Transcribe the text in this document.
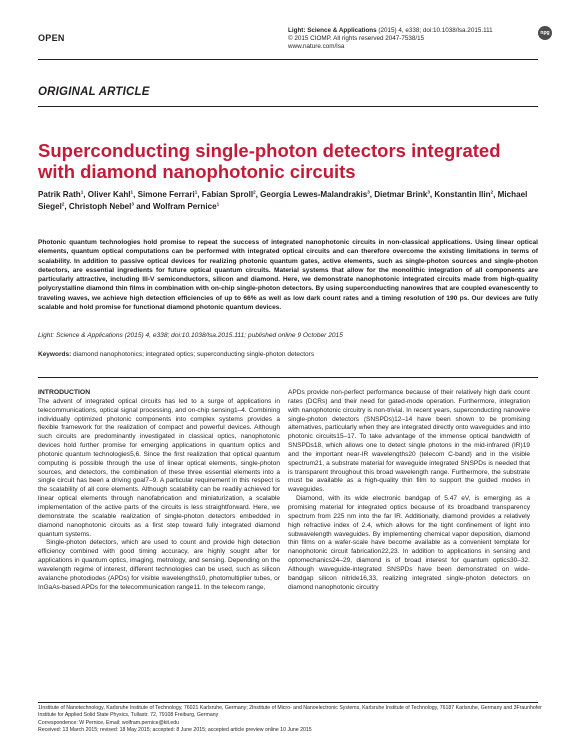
OPEN
Light: Science & Applications (2015) 4, e338; doi:10.1038/lsa.2015.111
© 2015 CIOMP. All rights reserved 2047-7538/15
www.nature.com/lsa
npg
ORIGINAL ARTICLE
Superconducting single-photon detectors integrated with diamond nanophotonic circuits
Patrik Rath$^1$, Oliver Kahl$^1$, Simone Ferrari$^1$, Fabian Sproll$^2$, Georgia Lewes-Malandrakis$^3$, Dietmar Brink$^3$, Konstantin Ilin$^2$, Michael Siegel$^2$, Christoph Nebel$^3$ and Wolfram Pernice$^1$
Photonic quantum technologies hold promise to repeat the success of integrated nanophotonic circuits in non-classical applications. Using linear optical elements, quantum optical computations can be performed with integrated optical circuits and can therefore overcome the existing limitations in terms of scalability. In addition to passive optical devices for realizing photonic quantum gates, active elements, such as single-photon sources and single-photon detectors, are essential ingredients for future optical quantum circuits. Material systems that allow for the monolithic integration of all components are particularly attractive, including III-V semiconductors, silicon and diamond. Here, we demonstrate nanophotonic integrated circuits made from high-quality polycrystalline diamond thin films in combination with on-chip single-photon detectors. By using superconducting nanowires that are coupled evanescently to traveling waves, we achieve high detection efficiencies of up to 66% as well as low dark count rates and a timing resolution of 190 ps. Our devices are fully scalable and hold promise for functional diamond photonic quantum devices.
Light: Science & Applications (2015) 4, e338; doi:10.1038/lsa.2015.111; published online 9 October 2015
Keywords: diamond nanophotonics; integrated optics; superconducting single-photon detectors
INTRODUCTION

The advent of integrated optical circuits has led to a surge of applications in telecommunications, optical signal processing, and on-chip sensing1–4. Combining individually optimized photonic components into complex systems provides a flexible framework for the realization of compact and powerful devices. Although such circuits are predominantly investigated in classical optics, nanophotonic devices hold further promise for emerging applications in quantum optics and photonic quantum technologies5,6. Since the first realization that optical quantum computing is possible through the use of linear optical elements, single-photon sources, and detectors, the combination of these three essential elements into a single circuit has been a driving goal7–9. A particular requirement in this respect is the scalability of all core elements. Although scalability can be readily achieved for linear optical elements through nanofabrication and miniaturization, a scalable implementation of the active parts of the circuits is less straightforward. Here, we demonstrate the scalable realization of single-photon detectors embedded in diamond nanophotonic circuits as a first step toward fully integrated diamond quantum systems.

Single-photon detectors, which are used to count and provide high detection efficiency combined with good timing accuracy, are highly sought after for applications in quantum optics, imaging, metrology, and sensing. Depending on the wavelength regime of interest, different technologies can be used, such as silicon avalanche photodiodes (APDs) for visible wavelengths10, photomultiplier tubes, or InGaAs-based APDs for the telecommunication range11. In the telecom range,

APDs provide non-perfect performance because of their relatively high dark count rates (DCRs) and their need for gated-mode operation. Furthermore, integration with nanophotonic circuitry is non-trivial. In recent years, superconducting nanowire single-photon detectors (SNSPDs)12–14 have been shown to be promising alternatives, particularly when they are integrated directly onto waveguides and into photonic circuits15–17. To take advantage of the immense optical bandwidth of SNSPDs18, which allows one to detect single photons in the mid-infrared (IR)19 and the important near-IR wavelengths20 (telecom C-band) and in the visible spectrum21, a substrate material for waveguide integrated SNSPDs is needed that is transparent throughout this broad wavelength range. Furthermore, the substrate must be available as a high-quality thin film to support the guided modes in waveguides.

Diamond, with its wide electronic bandgap of 5.47 eV, is emerging as a promising material for integrated optics because of its broadband transparency spectrum from 225 nm into the far IR. Additionally, diamond provides a relatively high refractive index of 2.4, which allows for the tight confinement of light into subwavelength waveguides. By implementing chemical vapor deposition, diamond thin films on a wafer-scale have become available as a convenient template for nanophotonic circuit fabrication22,23. In addition to applications in sensing and optomechanics24–29, diamond is of broad interest for quantum optics30–32. Although waveguide-integrated SNSPDs have been demonstrated on wide-bandgap silicon nitride16,33, realizing integrated single-photon detectors on diamond nanophotonic circuitry

1Institute of Nanotechnology, Karlsruhe Institute of Technology, 76021 Karlsruhe, Germany; 2Institute of Micro- and Nanoelectronic Systems, Karlsruhe Institute of Technology, 76187 Karlsruhe, Germany and 3Fraunhofer Institute for Applied Solid State Physics, Tullastr. 72, 79108 Freiburg, Germany
Correspondence: W Pernice, Email: wolfram.pernice@kit.edu
Received: 13 March 2015; revised: 18 May 2015; accepted: 8 June 2015; accepted article preview online 10 June 2015
